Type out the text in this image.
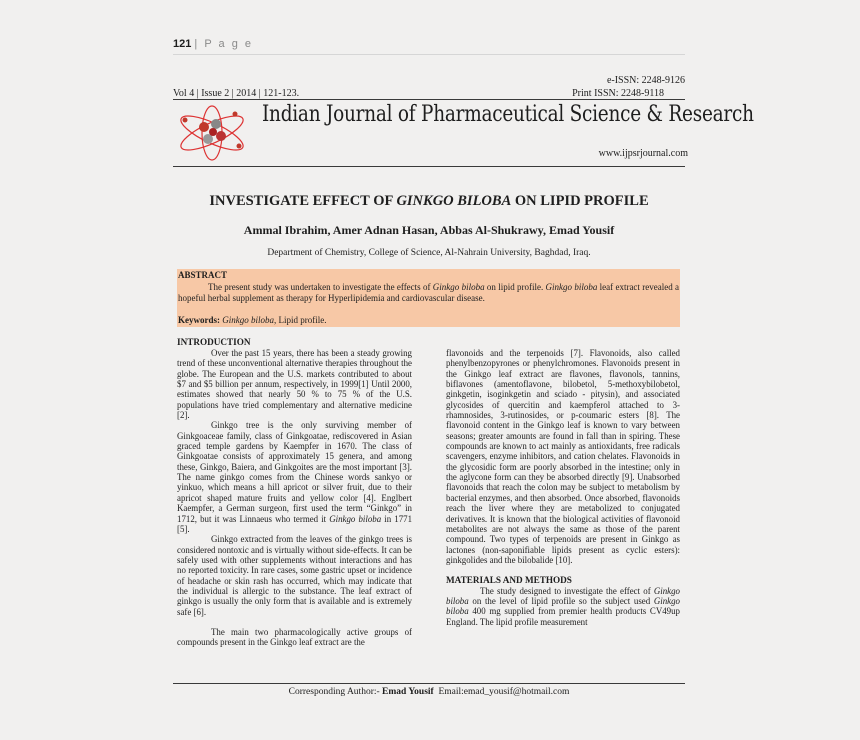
121 | P a g e
e-ISSN: 2248-9126
Vol 4 | Issue 2 | 2014 | 121-123.	Print ISSN: 2248-9118
Indian Journal of Pharmaceutical Science & Research
www.ijpsrjournal.com
INVESTIGATE EFFECT OF GINKGO BILOBA ON LIPID PROFILE
Ammal Ibrahim, Amer Adnan Hasan, Abbas Al-Shukrawy, Emad Yousif
Department of Chemistry, College of Science, Al-Nahrain University, Baghdad, Iraq.
ABSTRACT
The present study was undertaken to investigate the effects of Ginkgo biloba on lipid profile. Ginkgo biloba leaf extract revealed a hopeful herbal supplement as therapy for Hyperlipidemia and cardiovascular disease.
Keywords: Ginkgo biloba, Lipid profile.
INTRODUCTION

Over the past 15 years, there has been a steady growing trend of these unconventional alternative therapies throughout the globe. The European and the U.S. markets contributed to about $7 and $5 billion per annum, respectively, in 1999[1] Until 2000, estimates showed that nearly 50 % to 75 % of the U.S. populations have tried complementary and alternative medicine [2].

Ginkgo tree is the only surviving member of Ginkgoaceae family, class of Ginkgoatae, rediscovered in Asian graced temple gardens by Kaempfer in 1670. The class of Ginkgoatae consists of approximately 15 genera, and among these, Ginkgo, Baiera, and Ginkgoites are the most important [3]. The name ginkgo comes from the Chinese words sankyo or yinkuo, which means a hill apricot or silver fruit, due to their apricot shaped mature fruits and yellow color [4]. Englbert Kaempfer, a German surgeon, first used the term “Ginkgo” in 1712, but it was Linnaeus who termed it Ginkgo biloba in 1771 [5].

Ginkgo extracted from the leaves of the ginkgo trees is considered nontoxic and is virtually without side-effects. It can be safely used with other supplements without interactions and has no reported toxicity. In rare cases, some gastric upset or incidence of headache or skin rash has occurred, which may indicate that the individual is allergic to the substance. The leaf extract of ginkgo is usually the only form that is available and is extremely safe [6].

The main two pharmacologically active groups of compounds present in the Ginkgo leaf extract are the

flavonoids and the terpenoids [7]. Flavonoids, also called phenylbenzopyrones or phenylchromones. Flavonoids present in the Ginkgo leaf extract are flavones, flavonols, tannins, biflavones (amentoflavone, bilobetol, 5-methoxybilobetol, ginkgetin, isoginkgetin and sciado - pitysin), and associated glycosides of quercitin and kaempferol attached to 3-rhamnosides, 3-rutinosides, or p-coumaric esters [8]. The flavonoid content in the Ginkgo leaf is known to vary between seasons; greater amounts are found in fall than in spiring. These compounds are known to act mainly as antioxidants, free radicals scavengers, enzyme inhibitors, and cation chelates. Flavonoids in the glycosidic form are poorly absorbed in the intestine; only in the aglycone form can they be absorbed directly [9]. Unabsorbed flavonoids that reach the colon may be subject to metabolism by bacterial enzymes, and then absorbed. Once absorbed, flavonoids reach the liver where they are metabolized to conjugated derivatives. It is known that the biological activities of flavonoid metabolites are not always the same as those of the parent compound. Two types of terpenoids are present in Ginkgo as lactones (non-saponifiable lipids present as cyclic esters): ginkgolides and the bilobalide [10].

MATERIALS AND METHODS

The study designed to investigate the effect of Ginkgo biloba on the level of lipid profile so the subject used Ginkgo biloba 400 mg supplied from premier health products CV49up England. The lipid profile measurement

Corresponding Author:- Emad Yousif Email:emad_yousif@hotmail.com
